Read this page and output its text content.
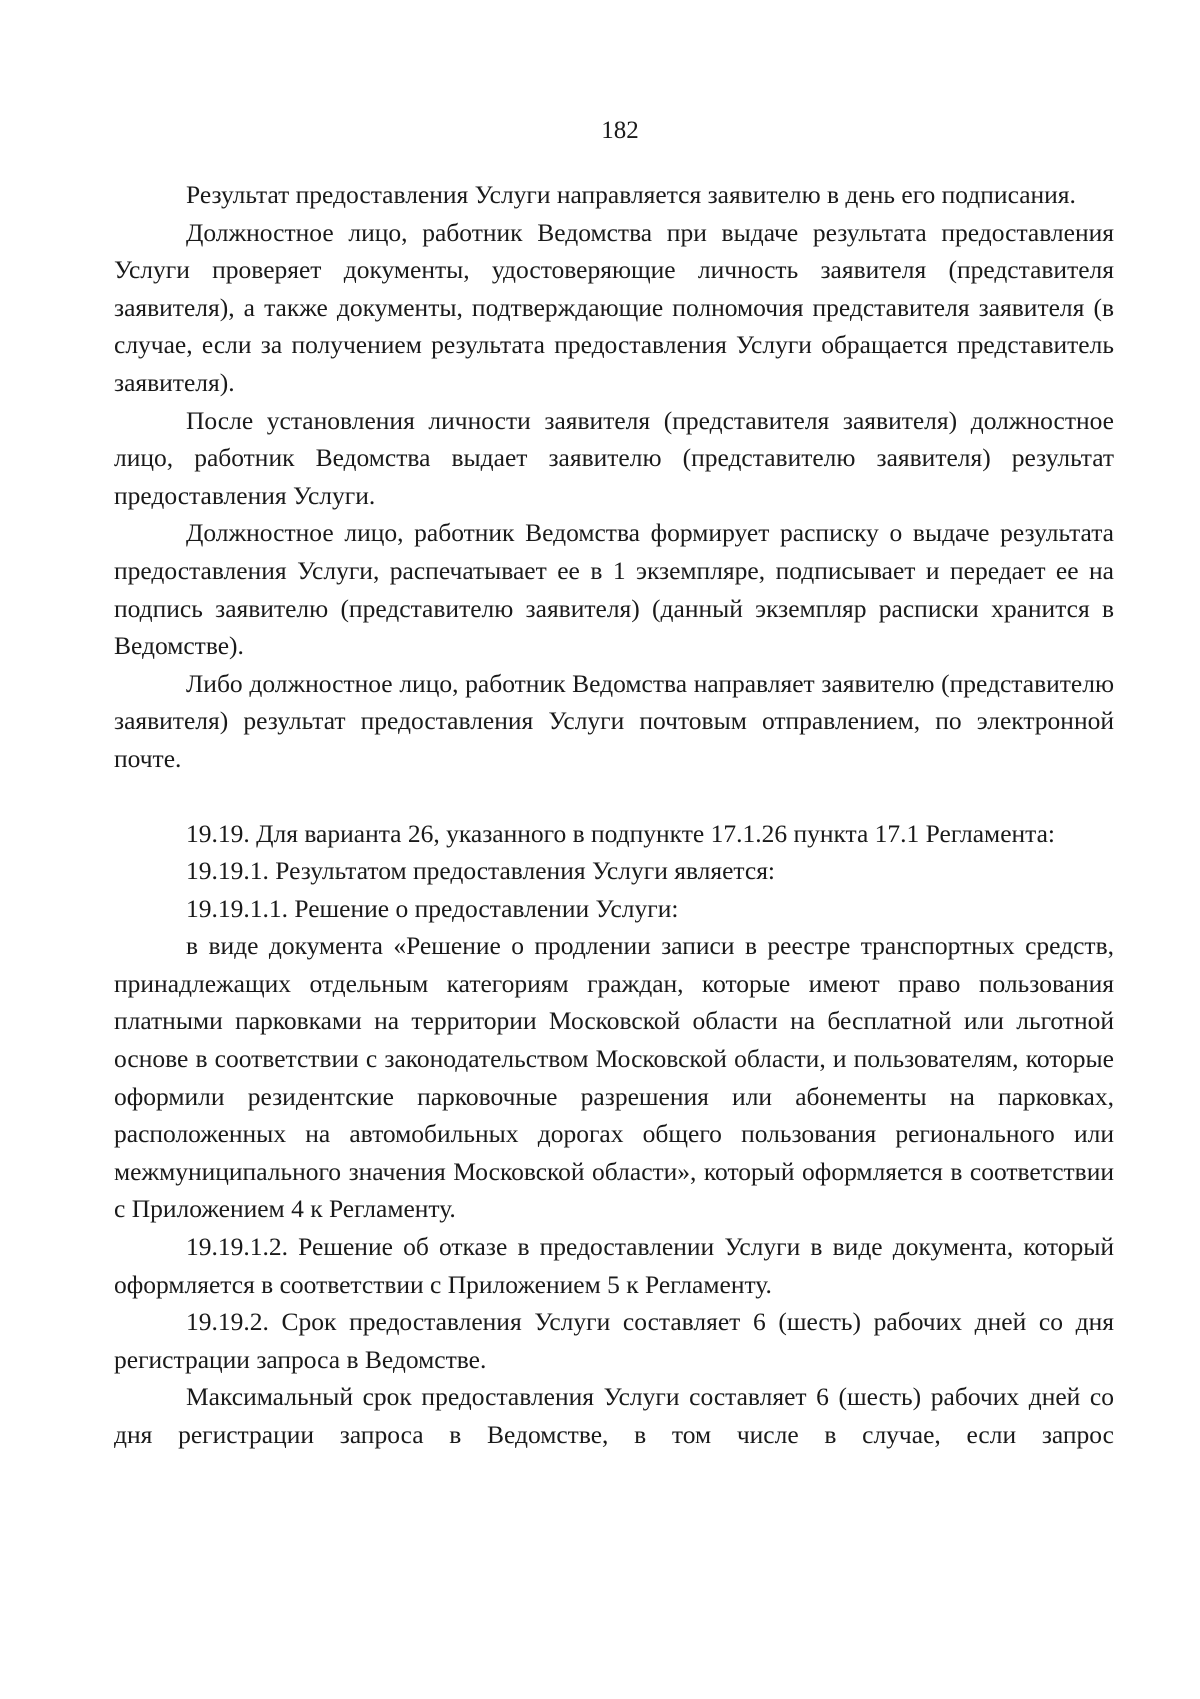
182

Результат предоставления Услуги направляется заявителю в день его подписания.

Должностное лицо, работник Ведомства при выдаче результата предоставления Услуги проверяет документы, удостоверяющие личность заявителя (представителя заявителя), а также документы, подтверждающие полномочия представителя заявителя (в случае, если за получением результата предоставления Услуги обращается представитель заявителя).

После установления личности заявителя (представителя заявителя) должностное лицо, работник Ведомства выдает заявителю (представителю заявителя) результат предоставления Услуги.

Должностное лицо, работник Ведомства формирует расписку о выдаче результата предоставления Услуги, распечатывает ее в 1 экземпляре, подписывает и передает ее на подпись заявителю (представителю заявителя) (данный экземпляр расписки хранится в Ведомстве).

Либо должностное лицо, работник Ведомства направляет заявителю (представителю заявителя) результат предоставления Услуги почтовым отправлением, по электронной почте.

19.19. Для варианта 26, указанного в подпункте 17.1.26 пункта 17.1 Регламента:

19.19.1. Результатом предоставления Услуги является:

19.19.1.1. Решение о предоставлении Услуги:

в виде документа «Решение о продлении записи в реестре транспортных средств, принадлежащих отдельным категориям граждан, которые имеют право пользования платными парковками на территории Московской области на бесплатной или льготной основе в соответствии с законодательством Московской области, и пользователям, которые оформили резидентские парковочные разрешения или абонементы на парковках, расположенных на автомобильных дорогах общего пользования регионального или межмуниципального значения Московской области», который оформляется в соответствии с Приложением 4 к Регламенту.

19.19.1.2. Решение об отказе в предоставлении Услуги в виде документа, который оформляется в соответствии с Приложением 5 к Регламенту.

19.19.2. Срок предоставления Услуги составляет 6 (шесть) рабочих дней со дня регистрации запроса в Ведомстве.

Максимальный срок предоставления Услуги составляет 6 (шесть) рабочих дней со дня регистрации запроса в Ведомстве, в том числе в случае, если запрос
